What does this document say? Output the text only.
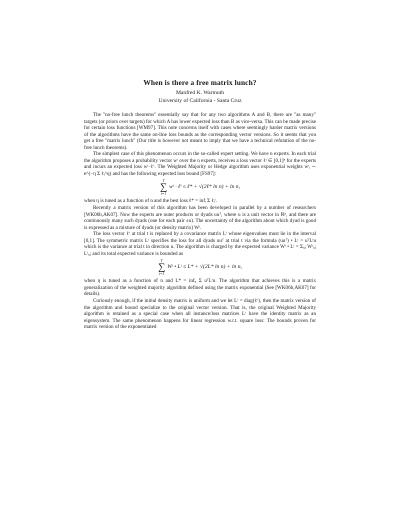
When is there a free matrix lunch?
Manfred K. Warmuth
University of California - Santa Cruz

The "no-free lunch theorems" essentially say that for any two algorithms A and B, there are "as many" targets (or priors over targets) for which A has lower expected loss than B as vice-versa. This can be made precise for certain loss functions [WM97]. This note concerns itself with cases where seemingly harder matrix versions of the algorithms have the same on-line loss bounds as the corresponding vector versions. So it seems that you get a free "matrix lunch" (Our title is however not meant to imply that we have a technical refutation of the no-free lunch theorems).

The simplest case of this phenomenon occurs in the so-called expert setting. We have n experts. In each trial the algorithm proposes a probability vector wᵗ over the n experts, receives a loss vector ℓᵗ ∈ [0,1]ⁿ for the experts and incurs an expected loss wᵗ·ℓᵗ. The Weighted Majority or Hedge algorithm uses exponential weights wᵗᵢ ∼ e^(−η Σ ℓᵢ^q) and has the following expected loss bound [FS97]:

T
∑
t=1
wᵗ · ℓᵗ ≤ ℓ* + √(2ℓ* ln n) + ln n,

when η is tuned as a function of n and the best loss ℓ* = infᵢ Σ ℓᵢᵗ.

Recently a matrix version of this algorithm has been developed in parallel by a number of researchers [WK06b,AK07]. Now the experts are outer products or dyads uuᵀ, where u is a unit vector in ℝⁿ, and there are continuously many such dyads (one for each pair ±u). The uncertainty of the algorithm about which dyad is good is expressed as a mixture of dyads (or density matrix) Wᵗ.

The loss vector ℓᵗ at trial t is replaced by a covariance matrix Lᵗ whose eigenvalues must lie in the interval [0,1]. The symmetric matrix Lᵗ specifies the loss for all dyads uuᵀ at trial t via the formula (uuᵀ) • Lᵗ = uᵀLᵗu which is the variance at trial t in direction u. The algorithm is charged by the expected variance Wᵗ • Lᵗ = Σᵢ,ⱼ Wᵗᵢ,ⱼ Lᵗᵢ,ⱼ and its total expected variance is bounded as

T
∑
t=1
Wᵗ • Lᵗ ≤ L* + √(2L* ln n) + ln n,

when η is tuned as a function of n and L* = infᵤ Σ uᵀLᵗu. The algorithm that achieves this is a matrix generalization of the weighted majority algorithm defined using the matrix exponential (See [WK06b,AK07] for details).

Curiously enough, if the initial density matrix is uniform and we let Lᵗ = diag(ℓᵗ), then the matrix version of the algorithm and bound specialize to the original vector version. That is, the original Weighted Majority algorithm is retained as a special case when all instance/loss matrices Lᵗ have the identity matrix as an eigensystem. The same phenomenon happens for linear regression w.r.t. square loss: The bounds proven for matrix version of the exponentiated
